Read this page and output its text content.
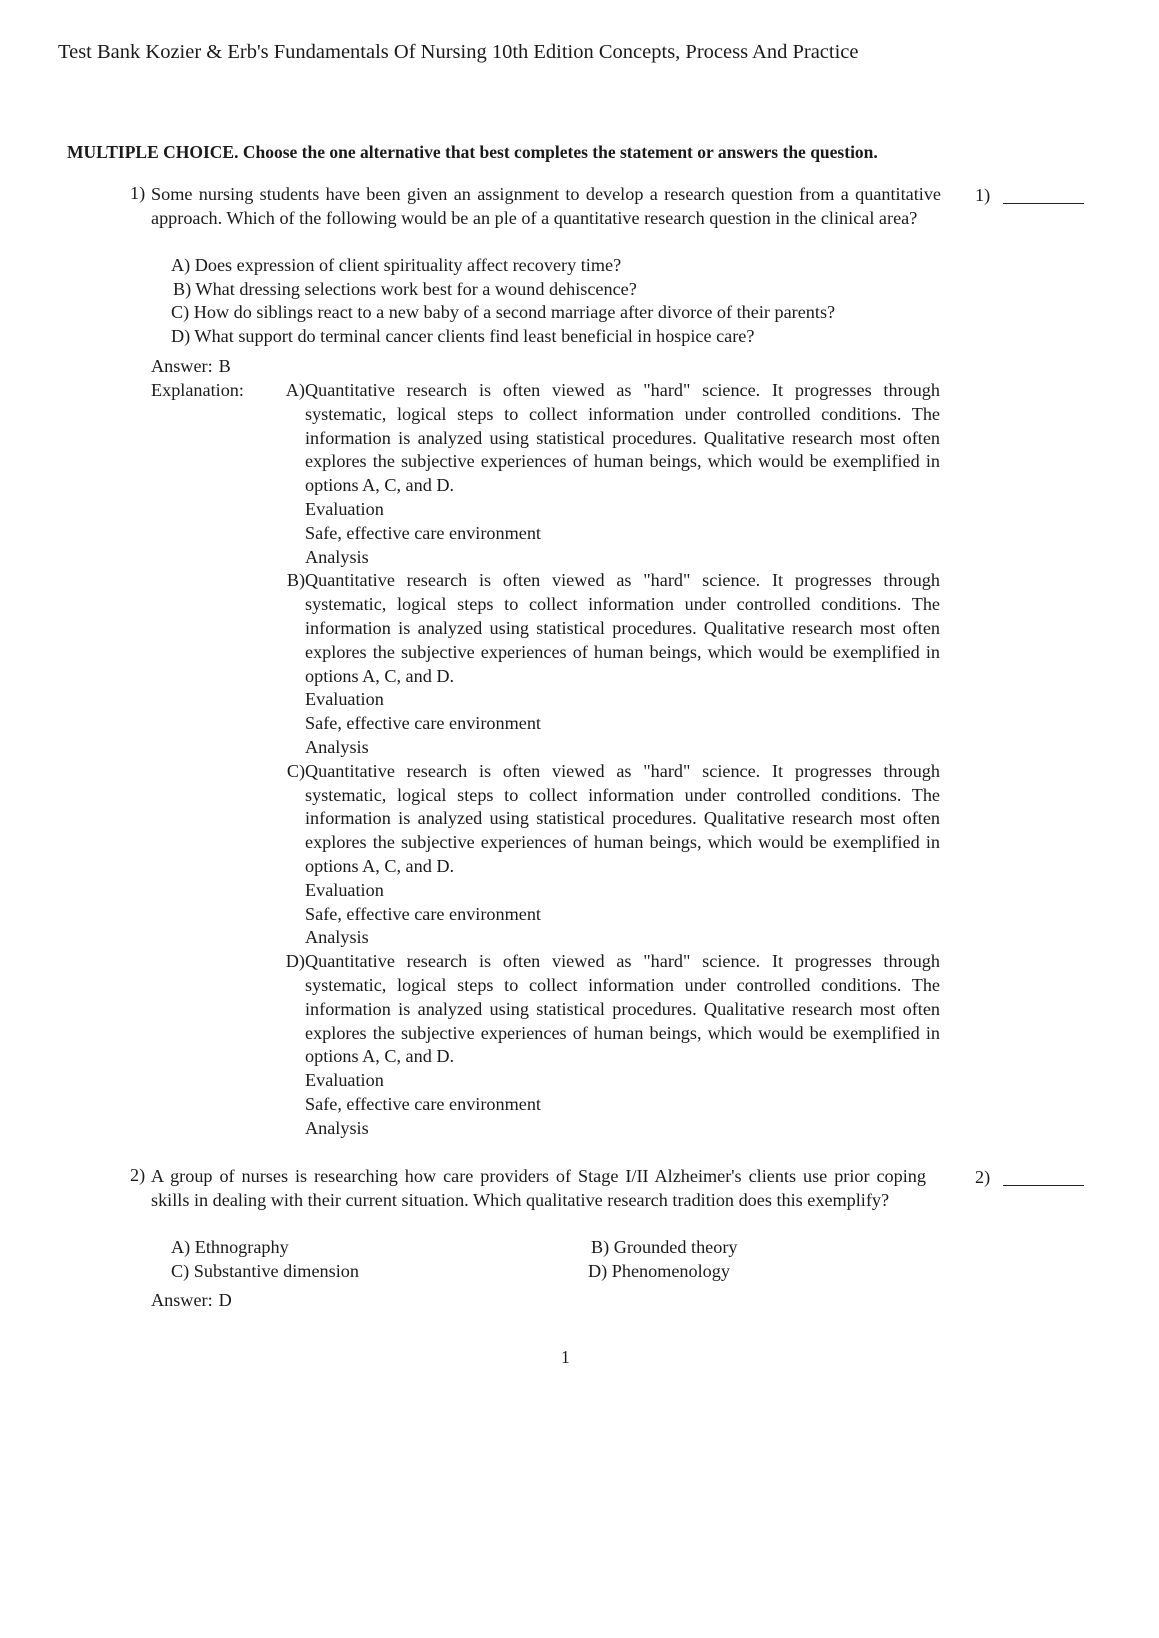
Test Bank Kozier & Erb's Fundamentals Of Nursing 10th Edition Concepts, Process And Practice
MULTIPLE CHOICE. Choose the one alternative that best completes the statement or answers the question.
1) Some nursing students have been given an assignment to develop a research question from a quantitative approach. Which of the following would be an ple of a quantitative research question in the clinical area?
1)
A) Does expression of client spirituality affect recovery time?
B) What dressing selections work best for a wound dehiscence?
C) How do siblings react to a new baby of a second marriage after divorce of their parents?
D) What support do terminal cancer clients find least beneficial in hospice care?
Answer: B
Explanation:	A) Quantitative research is often viewed as "hard" science. It progresses through systematic, logical steps to collect information under controlled conditions. The information is analyzed using statistical procedures. Qualitative research most often explores the subjective experiences of human beings, which would be exemplified in options A, C, and D.
Evaluation
Safe, effective care environment
Analysis
B) Quantitative research is often viewed as "hard" science. It progresses through systematic, logical steps to collect information under controlled conditions. The information is analyzed using statistical procedures. Qualitative research most often explores the subjective experiences of human beings, which would be exemplified in options A, C, and D.
Evaluation
Safe, effective care environment
Analysis
C) Quantitative research is often viewed as "hard" science. It progresses through systematic, logical steps to collect information under controlled conditions. The information is analyzed using statistical procedures. Qualitative research most often explores the subjective experiences of human beings, which would be exemplified in options A, C, and D.
Evaluation
Safe, effective care environment
Analysis
D) Quantitative research is often viewed as "hard" science. It progresses through systematic, logical steps to collect information under controlled conditions. The information is analyzed using statistical procedures. Qualitative research most often explores the subjective experiences of human beings, which would be exemplified in options A, C, and D.
Evaluation
Safe, effective care environment
Analysis
2) A group of nurses is researching how care providers of Stage I/II Alzheimer's clients use prior coping skills in dealing with their current situation. Which qualitative research tradition does this exemplify?
2)
A) Ethnography	B) Grounded theory
C) Substantive dimension	D) Phenomenology
Answer: D
1
